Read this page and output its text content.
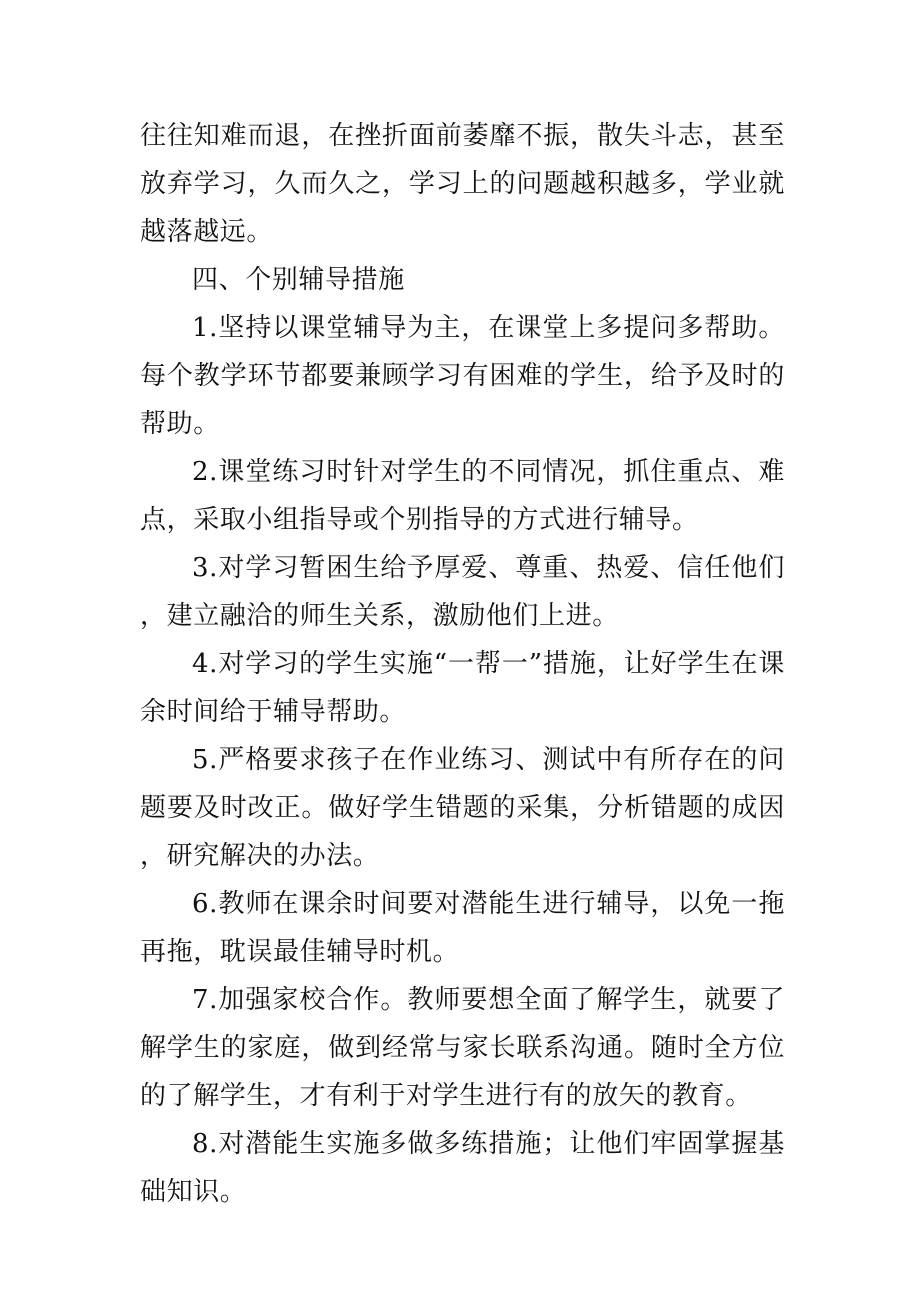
往往知难而退，在挫折面前萎靡不振，散失斗志，甚至放弃学习，久而久之，学习上的问题越积越多，学业就越落越远。

四、个别辅导措施

1.坚持以课堂辅导为主，在课堂上多提问多帮助。每个教学环节都要兼顾学习有困难的学生，给予及时的帮助。

2.课堂练习时针对学生的不同情况，抓住重点、难点，采取小组指导或个别指导的方式进行辅导。

3.对学习暂困生给予厚爱、尊重、热爱、信任他们，建立融洽的师生关系，激励他们上进。

4.对学习的学生实施“一帮一”措施，让好学生在课余时间给于辅导帮助。

5.严格要求孩子在作业练习、测试中有所存在的问题要及时改正。做好学生错题的采集，分析错题的成因，研究解决的办法。

6.教师在课余时间要对潜能生进行辅导，以免一拖再拖，耽误最佳辅导时机。

7.加强家校合作。教师要想全面了解学生，就要了解学生的家庭，做到经常与家长联系沟通。随时全方位的了解学生，才有利于对学生进行有的放矢的教育。

8.对潜能生实施多做多练措施；让他们牢固掌握基础知识。
